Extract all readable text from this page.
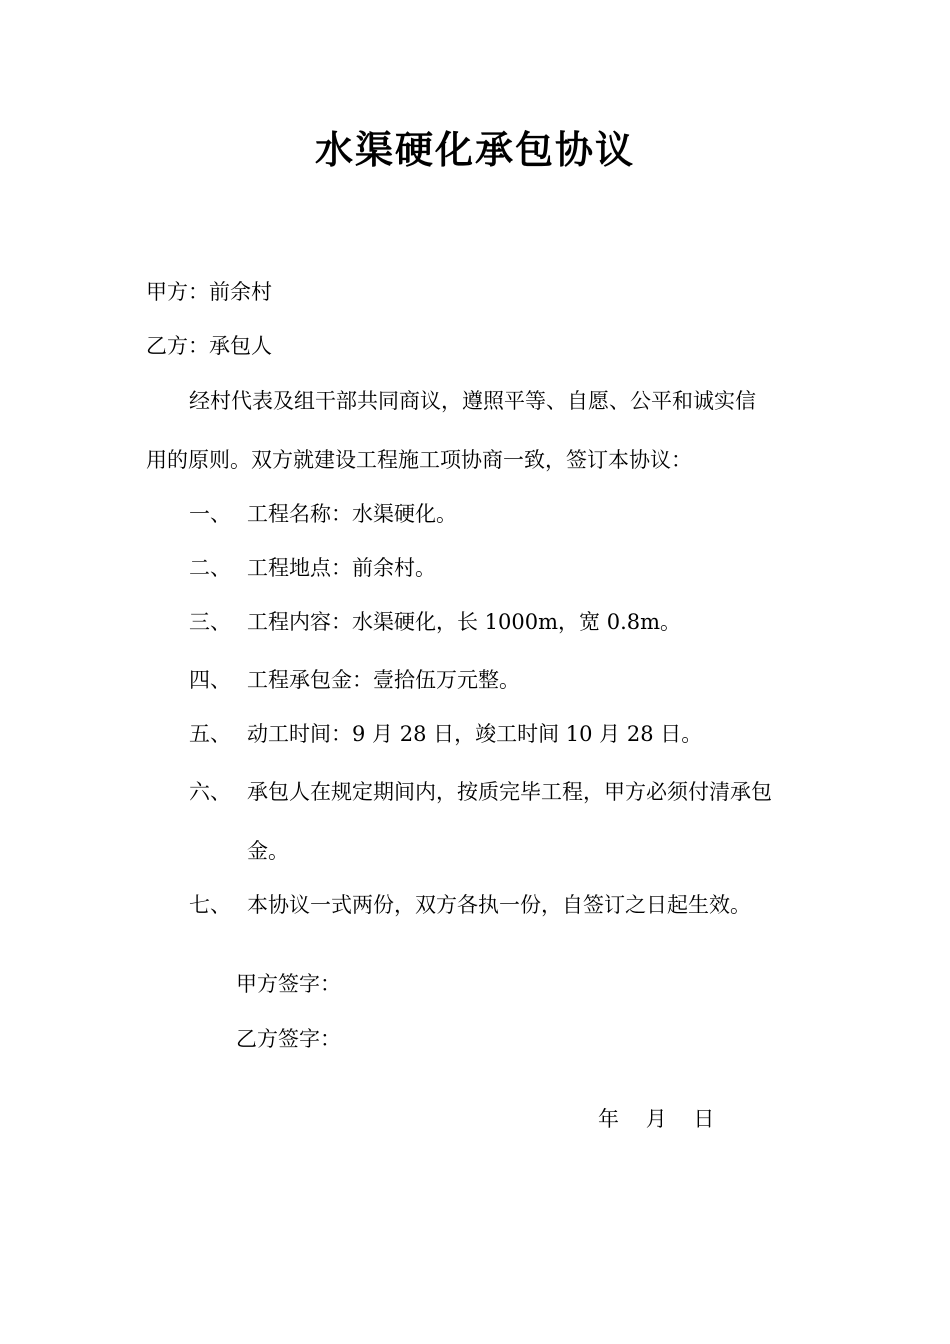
水渠硬化承包协议
甲方：前余村
乙方：承包人
经村代表及组干部共同商议，遵照平等、自愿、公平和诚实信
用的原则。双方就建设工程施工项协商一致，签订本协议：
一、 工程名称：水渠硬化。
二、 工程地点：前余村。
三、 工程内容：水渠硬化，长 1000m，宽 0.8m。
四、 工程承包金：壹拾伍万元整。
五、 动工时间：9 月 28 日，竣工时间 10 月 28 日。
六、 承包人在规定期间内，按质完毕工程，甲方必须付清承包
金。
七、 本协议一式两份，双方各执一份，自签订之日起生效。
甲方签字：
乙方签字：
年 月 日
